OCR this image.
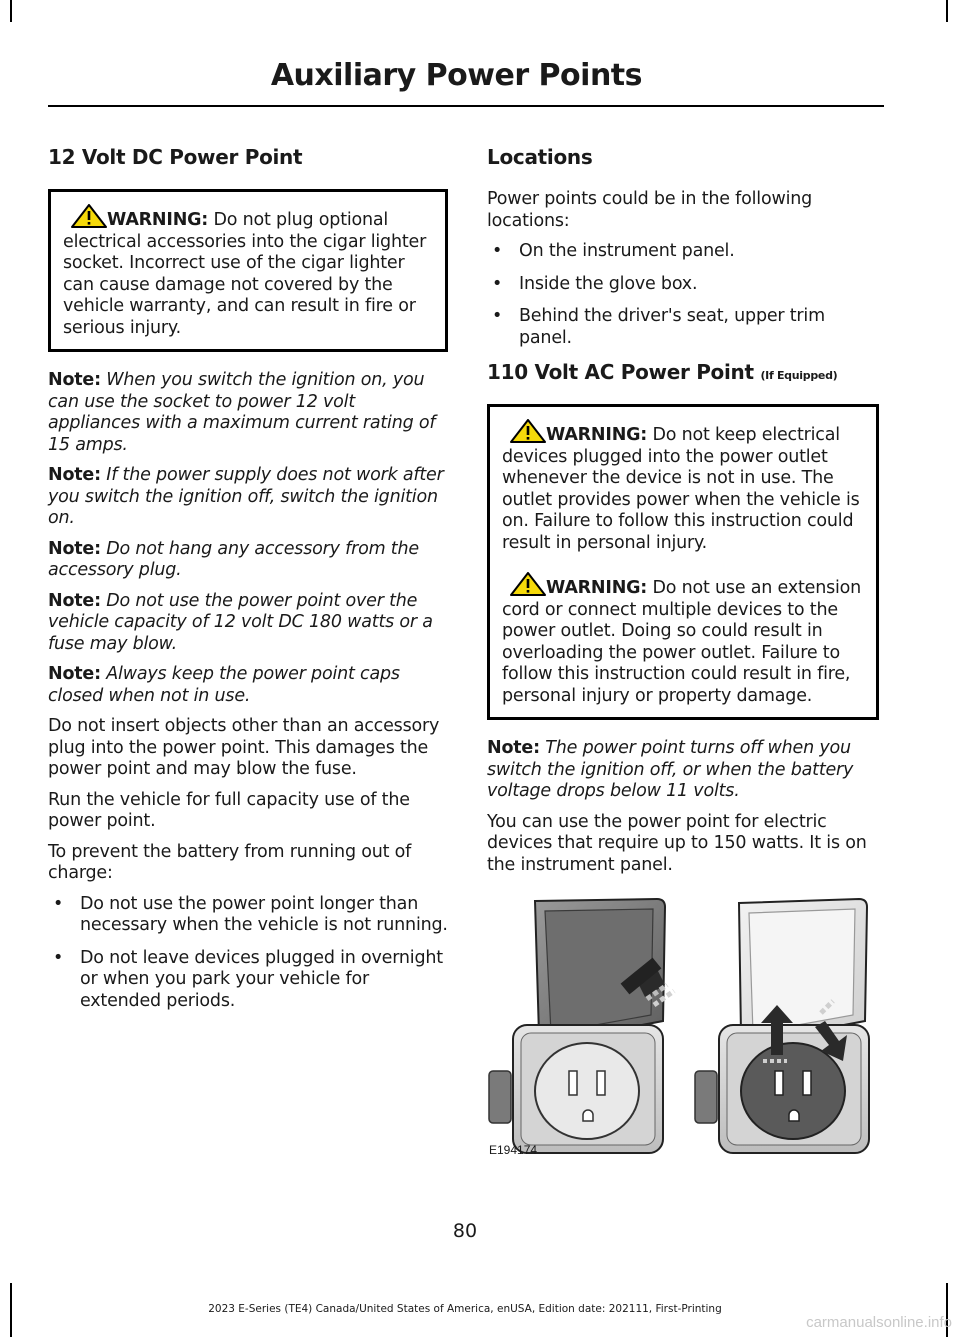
Auxiliary Power Points
12 Volt DC Power Point

WARNING: Do not plug optional electrical accessories into the cigar lighter socket. Incorrect use of the cigar lighter can cause damage not covered by the vehicle warranty, and can result in fire or serious injury.

Note: When you switch the ignition on, you can use the socket to power 12 volt appliances with a maximum current rating of 15 amps.

Note: If the power supply does not work after you switch the ignition off, switch the ignition on.

Note: Do not hang any accessory from the accessory plug.

Note: Do not use the power point over the vehicle capacity of 12 volt DC 180 watts or a fuse may blow.

Note: Always keep the power point caps closed when not in use.

Do not insert objects other than an accessory plug into the power point. This damages the power point and may blow the fuse.

Run the vehicle for full capacity use of the power point.

To prevent the battery from running out of charge:

• Do not use the power point longer than necessary when the vehicle is not running.
• Do not leave devices plugged in overnight or when you park your vehicle for extended periods.
Locations

Power points could be in the following locations:

• On the instrument panel.
• Inside the glove box.
• Behind the driver's seat, upper trim panel.
110 Volt AC Power Point (If Equipped)

WARNING: Do not keep electrical devices plugged into the power outlet whenever the device is not in use. The outlet provides power when the vehicle is on. Failure to follow this instruction could result in personal injury.

WARNING: Do not use an extension cord or connect multiple devices to the power outlet. Doing so could result in overloading the power outlet. Failure to follow this instruction could result in fire, personal injury or property damage.

Note: The power point turns off when you switch the ignition off, or when the battery voltage drops below 11 volts.

You can use the power point for electric devices that require up to 150 watts. It is on the instrument panel.

E194174
80
2023 E-Series (TE4) Canada/United States of America, enUSA, Edition date: 202111, First-Printing
carmanualsonline.info
